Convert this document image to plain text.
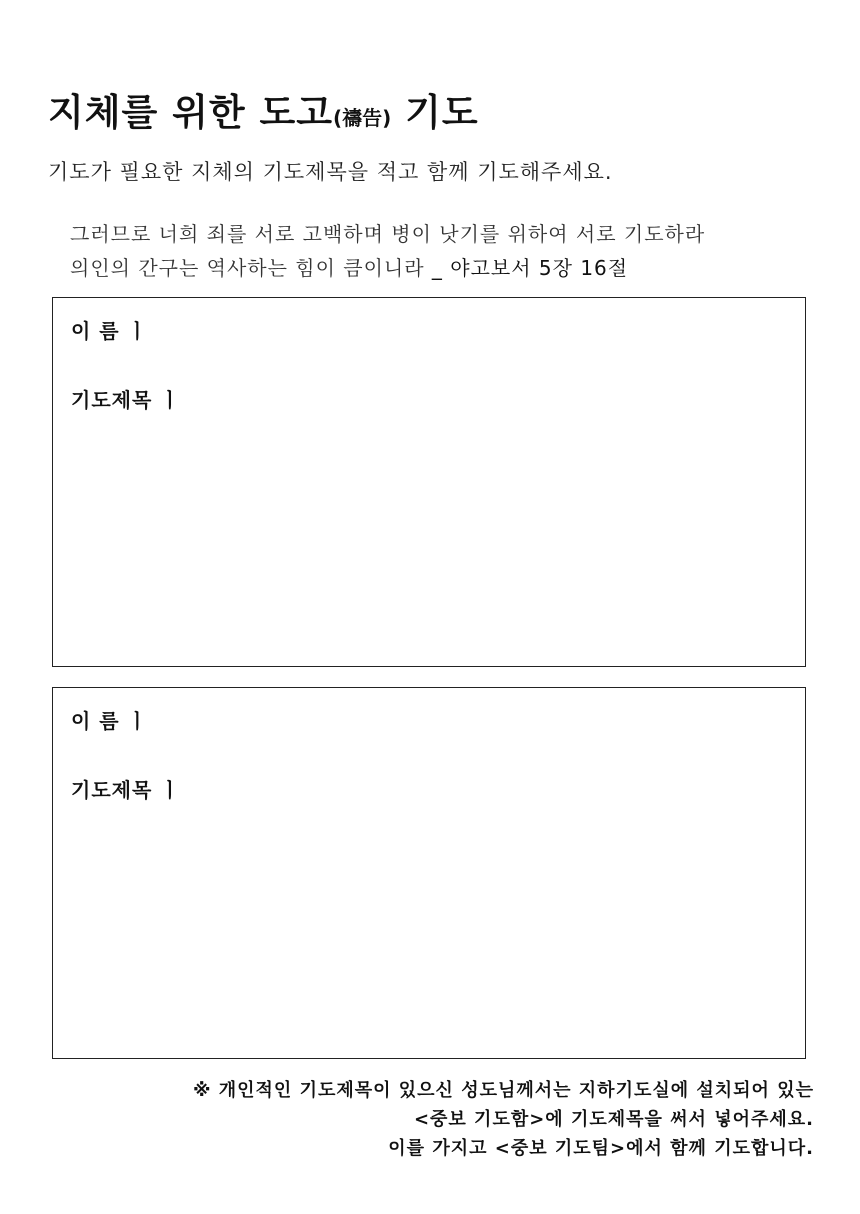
지체를 위한 도고(禱告) 기도

기도가 필요한 지체의 기도제목을 적고 함께 기도해주세요.

그러므로 너희 죄를 서로 고백하며 병이 낫기를 위하여 서로 기도하라
의인의 간구는 역사하는 힘이 큼이니라 _ 야고보서 5장 16절
이 름 ㅣ
기도제목 ㅣ
이 름 ㅣ
기도제목 ㅣ
※ 개인적인 기도제목이 있으신 성도님께서는 지하기도실에 설치되어 있는
<중보 기도함>에 기도제목을 써서 넣어주세요.
이를 가지고 <중보 기도팀>에서 함께 기도합니다.
